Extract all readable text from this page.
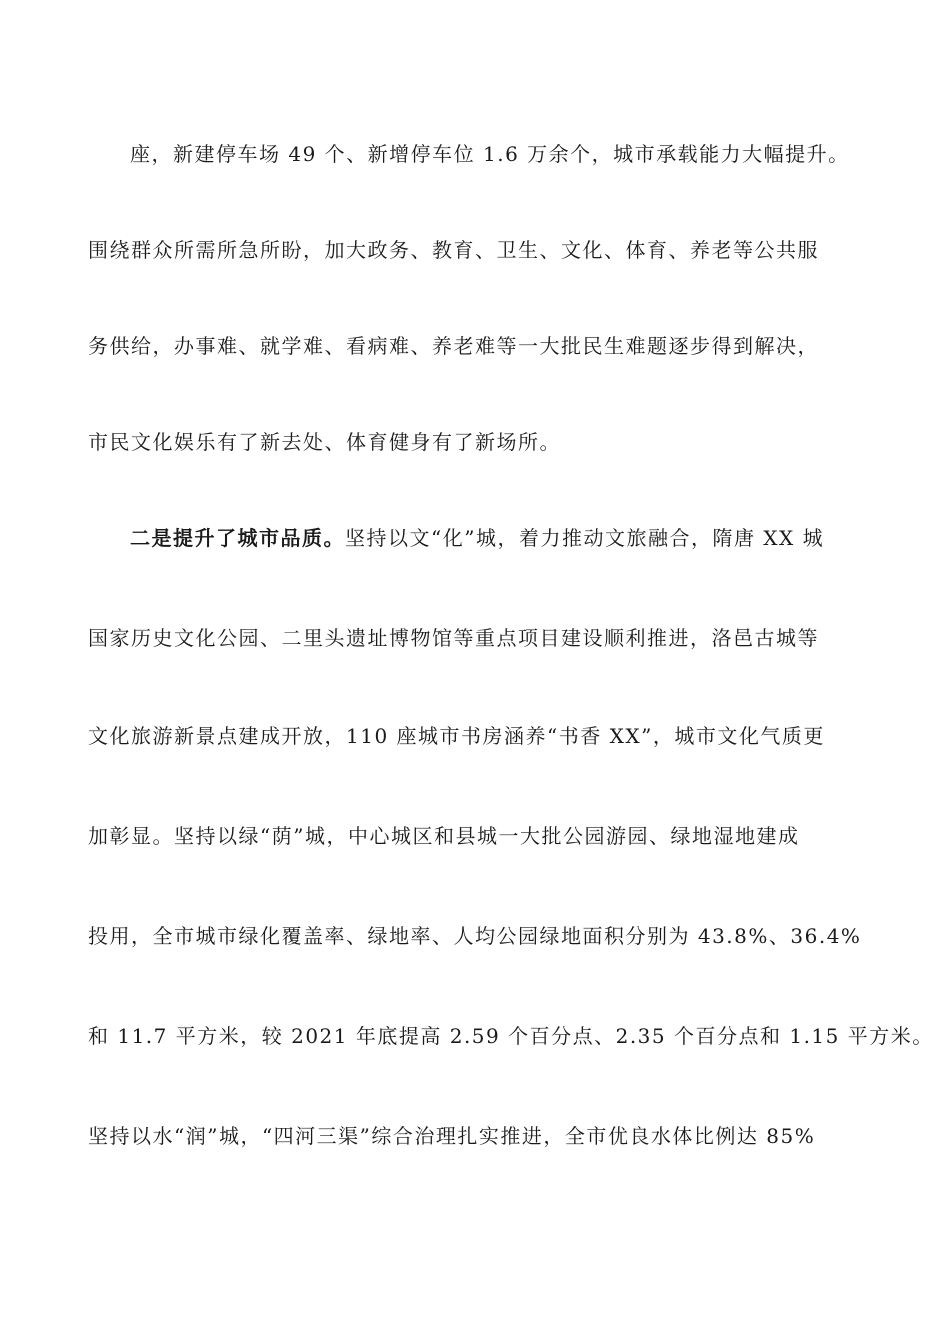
座，新建停车场 49 个、新增停车位 1.6 万余个，城市承载能力大幅提升。

围绕群众所需所急所盼，加大政务、教育、卫生、文化、体育、养老等公共服

务供给，办事难、就学难、看病难、养老难等一大批民生难题逐步得到解决，

市民文化娱乐有了新去处、体育健身有了新场所。

二是提升了城市品质。坚持以文“化”城，着力推动文旅融合，隋唐 XX 城

国家历史文化公园、二里头遗址博物馆等重点项目建设顺利推进，洛邑古城等

文化旅游新景点建成开放，110 座城市书房涵养“书香 XX”，城市文化气质更

加彰显。坚持以绿“荫”城，中心城区和县城一大批公园游园、绿地湿地建成

投用，全市城市绿化覆盖率、绿地率、人均公园绿地面积分别为 43.8%、36.4%

和 11.7 平方米，较 2021 年底提高 2.59 个百分点、2.35 个百分点和 1.15 平方米。

坚持以水“润”城，“四河三渠”综合治理扎实推进，全市优良水体比例达 85%
